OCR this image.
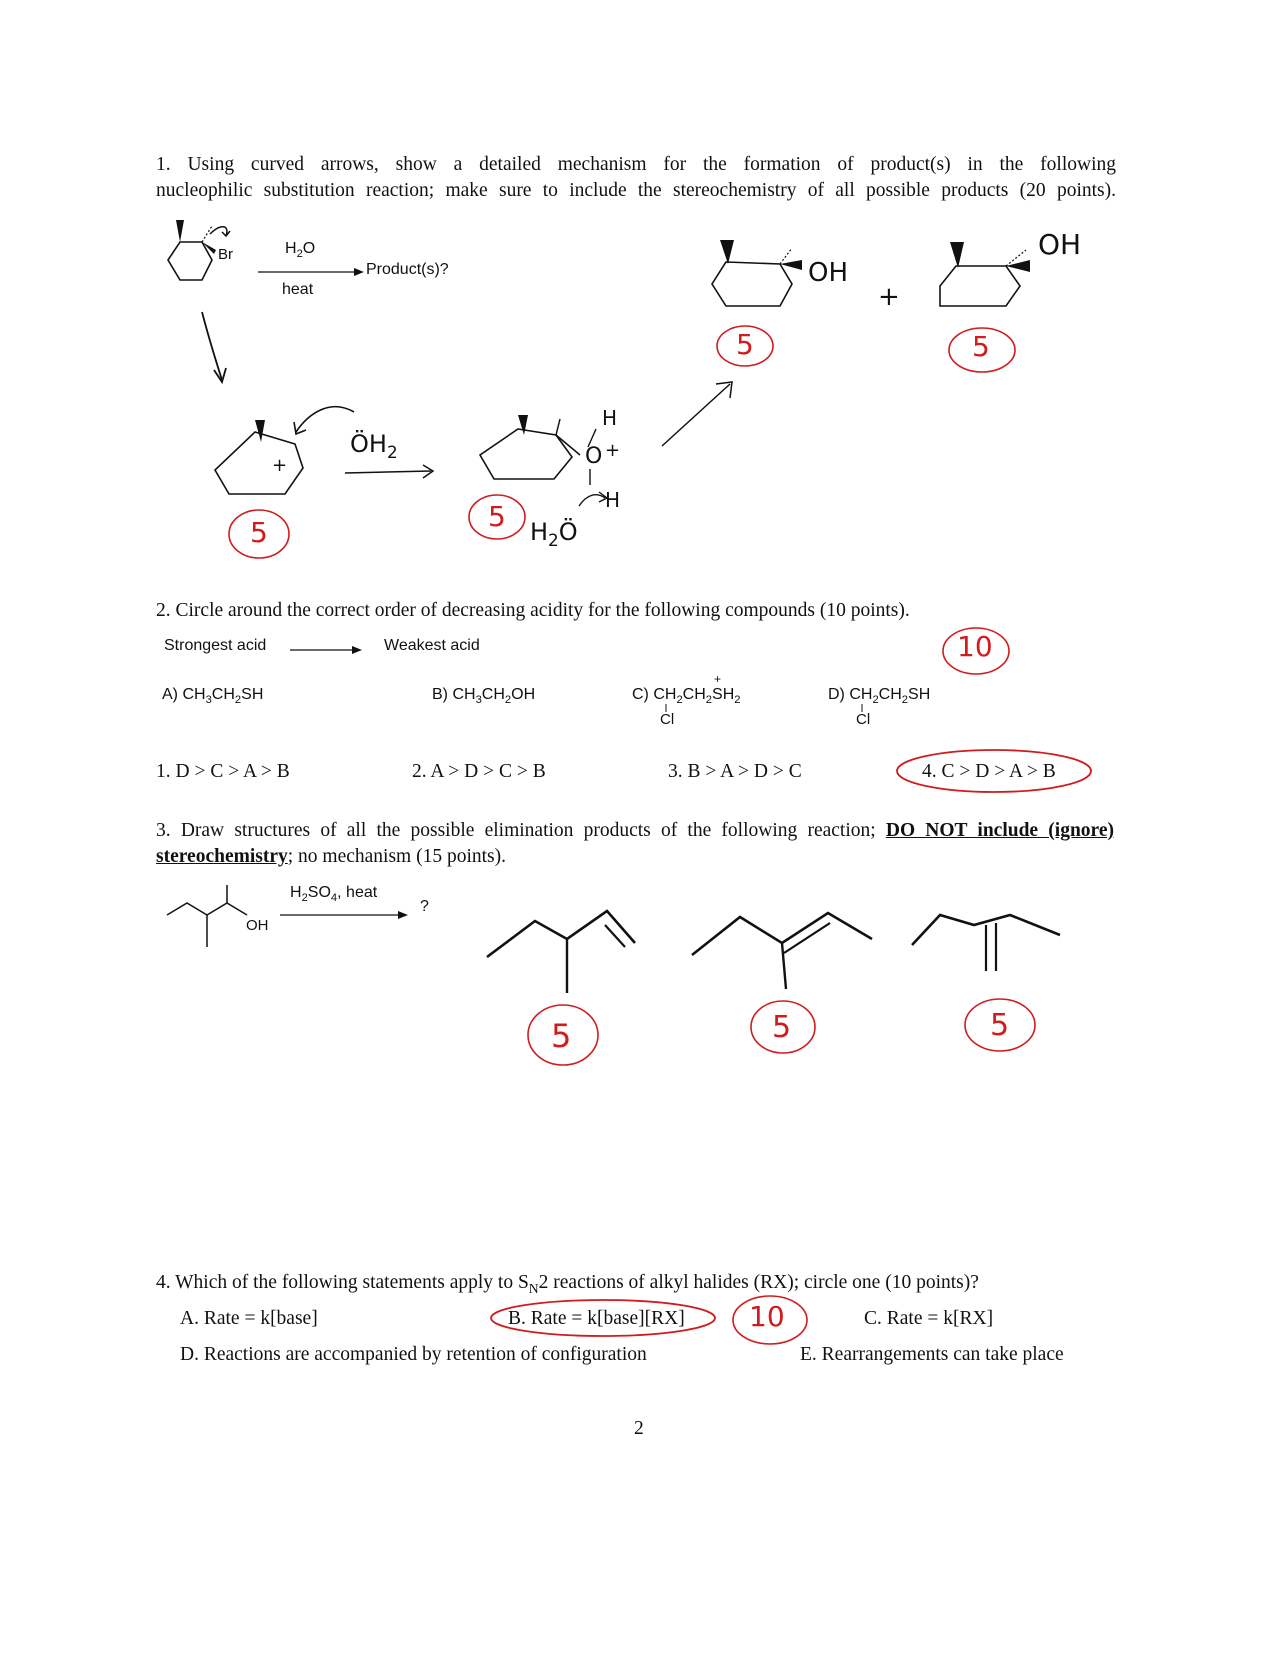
1. Using curved arrows, show a detailed mechanism for the formation of product(s) in the following
nucleophilic substitution reaction; make sure to include the stereochemistry of all possible products (20 points).
Br	$H_2O$
heat
Product(s)?
+
$ÖH_2$
H
O +
H
$H_2Ö$
OH
+
OH
5	5
5	5
2. Circle around the correct order of decreasing acidity for the following compounds (10 points).
Strongest acid	Weakest acid	10
A) $CH_3CH_2SH$	B) $CH_3CH_2OH$	C) $CH_2CH_2SH_2$
+
Cl
D) $CH_2CH_2SH$
Cl
1. D > C > A > B	2. A > D > C > B	3. B > A > D > C	4. C > D > A > B
3. Draw structures of all the possible elimination products of the following reaction; DO NOT include (ignore)
stereochemistry; no mechanism (15 points).
OH
$H_2SO_4$, heat
?
5	5	5
4. Which of the following statements apply to $S_N2$ reactions of alkyl halides (RX); circle one (10 points)?
A. Rate = k[base]	B. Rate = k[base][RX] 10	C. Rate = k[RX]
D. Reactions are accompanied by retention of configuration	E. Rearrangements can take place
2
